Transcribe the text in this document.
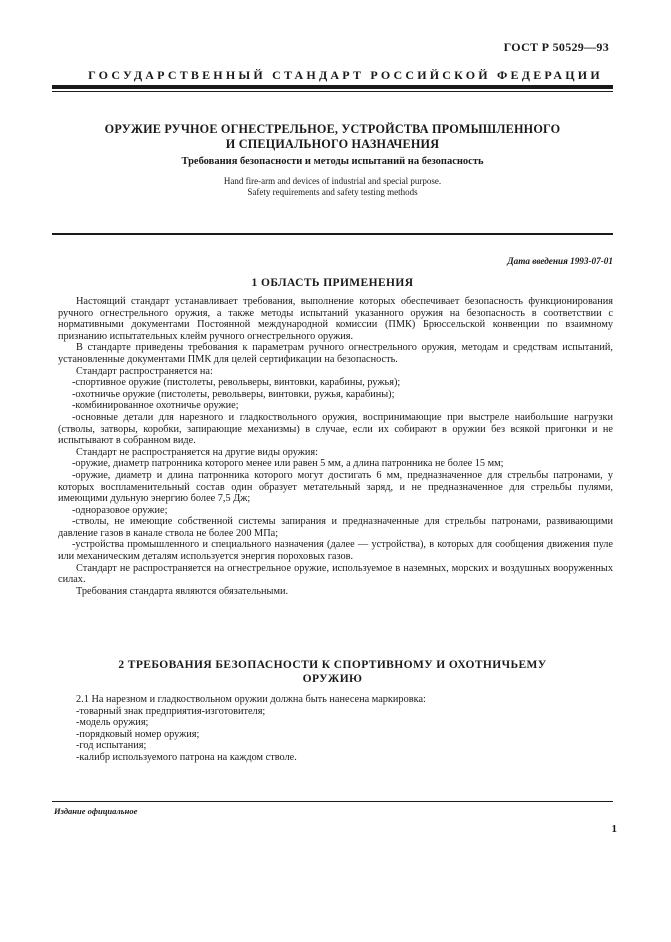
ГОСТ Р 50529—93
ГОСУДАРСТВЕННЫЙ СТАНДАРТ РОССИЙСКОЙ ФЕДЕРАЦИИ
ОРУЖИЕ РУЧНОЕ ОГНЕСТРЕЛЬНОЕ, УСТРОЙСТВА ПРОМЫШЛЕННОГО
И СПЕЦИАЛЬНОГО НАЗНАЧЕНИЯ
Требования безопасности и методы испытаний на безопасность
Hand fire-arm and devices of industrial and special purpose.
Safety requirements and safety testing methods
Дата введения 1993-07-01
1 ОБЛАСТЬ ПРИМЕНЕНИЯ

Настоящий стандарт устанавливает требования, выполнение которых обеспечивает безопасность функционирования ручного огнестрельного оружия, а также методы испытаний указанного оружия на безопасность в соответствии с нормативными документами Постоянной международной комиссии (ПМК) Брюссельской конвенции по взаимному признанию испытательных клейм ручного огнестрельного оружия.

В стандарте приведены требования к параметрам ручного огнестрельного оружия, методам и средствам испытаний, установленные документами ПМК для целей сертификации на безопасность.

Стандарт распространяется на:

-спортивное оружие (пистолеты, револьверы, винтовки, карабины, ружья);

-охотничье оружие (пистолеты, револьверы, винтовки, ружья, карабины);

-комбинированное охотничье оружие;

-основные детали для нарезного и гладкоствольного оружия, воспринимающие при выстреле наибольшие нагрузки (стволы, затворы, коробки, запирающие механизмы) в случае, если их собирают в оружии без всякой пригонки и не испытывают в собранном виде.

Стандарт не распространяется на другие виды оружия:

-оружие, диаметр патронника которого менее или равен 5 мм, а длина патронника не более 15 мм;

-оружие, диаметр и длина патронника которого могут достигать 6 мм, предназначенное для стрельбы патронами, у которых воспламенительный состав один образует метательный заряд, и не предназначенное для стрельбы пулями, имеющими дульную энергию более 7,5 Дж;

-одноразовое оружие;

-стволы, не имеющие собственной системы запирания и предназначенные для стрельбы патронами, развивающими давление газов в канале ствола не более 200 МПа;

-устройства промышленного и специального назначения (далее — устройства), в которых для сообщения движения пуле или механическим деталям используется энергия пороховых газов.

Стандарт не распространяется на огнестрельное оружие, используемое в наземных, морских и воздушных вооруженных силах.

Требования стандарта являются обязательными.

2 ТРЕБОВАНИЯ БЕЗОПАСНОСТИ К СПОРТИВНОМУ И ОХОТНИЧЬЕМУ
ОРУЖИЮ

2.1 На нарезном и гладкоствольном оружии должна быть нанесена маркировка:

-товарный знак предприятия-изготовителя;

-модель оружия;

-порядковый номер оружия;

-год испытания;

-калибр используемого патрона на каждом стволе.

Издание официальное
1
